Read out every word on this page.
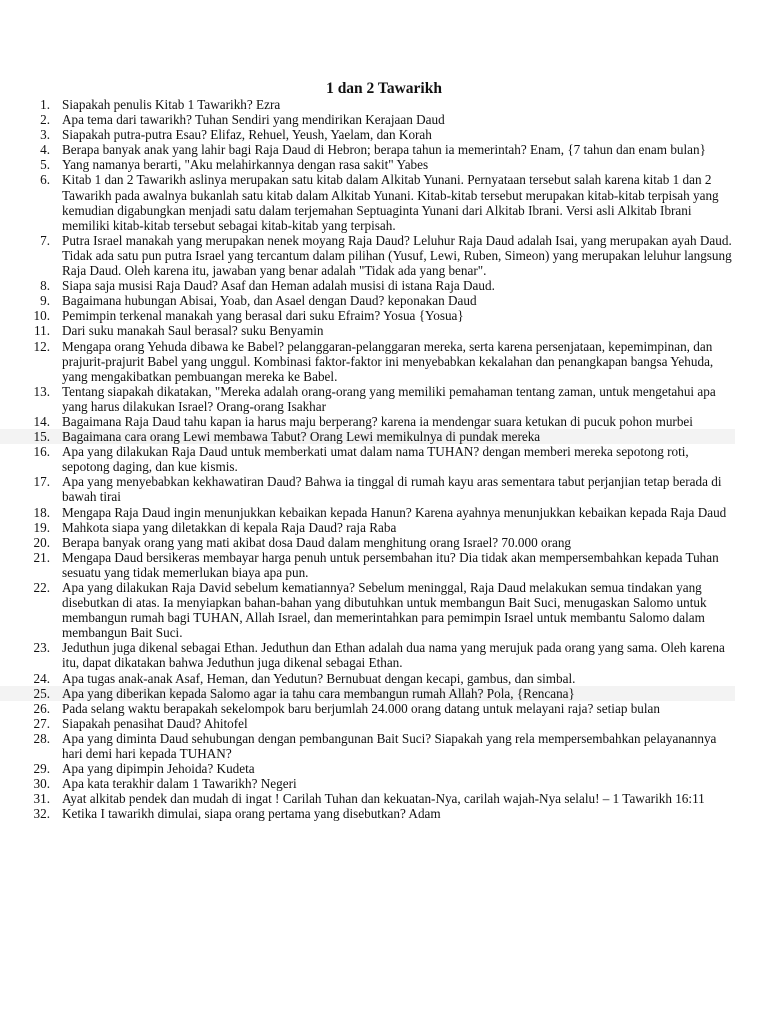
1 dan 2 Tawarikh
1. Siapakah penulis Kitab 1 Tawarikh? Ezra
2. Apa tema dari tawarikh? Tuhan Sendiri yang mendirikan Kerajaan Daud
3. Siapakah putra-putra Esau? Elifaz, Rehuel, Yeush, Yaelam, dan Korah
4. Berapa banyak anak yang lahir bagi Raja Daud di Hebron; berapa tahun ia memerintah? Enam, {7 tahun dan enam bulan}
5. Yang namanya berarti, "Aku melahirkannya dengan rasa sakit" Yabes
6. Kitab 1 dan 2 Tawarikh aslinya merupakan satu kitab dalam Alkitab Yunani. Pernyataan tersebut salah karena kitab 1 dan 2 Tawarikh pada awalnya bukanlah satu kitab dalam Alkitab Yunani. Kitab-kitab tersebut merupakan kitab-kitab terpisah yang kemudian digabungkan menjadi satu dalam terjemahan Septuaginta Yunani dari Alkitab Ibrani. Versi asli Alkitab Ibrani memiliki kitab-kitab tersebut sebagai kitab-kitab yang terpisah.
7. Putra Israel manakah yang merupakan nenek moyang Raja Daud? Leluhur Raja Daud adalah Isai, yang merupakan ayah Daud. Tidak ada satu pun putra Israel yang tercantum dalam pilihan (Yusuf, Lewi, Ruben, Simeon) yang merupakan leluhur langsung Raja Daud. Oleh karena itu, jawaban yang benar adalah "Tidak ada yang benar".
8. Siapa saja musisi Raja Daud? Asaf dan Heman adalah musisi di istana Raja Daud.
9. Bagaimana hubungan Abisai, Yoab, dan Asael dengan Daud? keponakan Daud
10. Pemimpin terkenal manakah yang berasal dari suku Efraim? Yosua {Yosua}
11. Dari suku manakah Saul berasal? suku Benyamin
12. Mengapa orang Yehuda dibawa ke Babel? pelanggaran-pelanggaran mereka, serta karena persenjataan, kepemimpinan, dan prajurit-prajurit Babel yang unggul. Kombinasi faktor-faktor ini menyebabkan kekalahan dan penangkapan bangsa Yehuda, yang mengakibatkan pembuangan mereka ke Babel.
13. Tentang siapakah dikatakan, "Mereka adalah orang-orang yang memiliki pemahaman tentang zaman, untuk mengetahui apa yang harus dilakukan Israel? Orang-orang Isakhar
14. Bagaimana Raja Daud tahu kapan ia harus maju berperang? karena ia mendengar suara ketukan di pucuk pohon murbei
15. Bagaimana cara orang Lewi membawa Tabut? Orang Lewi memikulnya di pundak mereka
16. Apa yang dilakukan Raja Daud untuk memberkati umat dalam nama TUHAN? dengan memberi mereka sepotong roti, sepotong daging, dan kue kismis.
17. Apa yang menyebabkan kekhawatiran Daud? Bahwa ia tinggal di rumah kayu aras sementara tabut perjanjian tetap berada di bawah tirai
18. Mengapa Raja Daud ingin menunjukkan kebaikan kepada Hanun? Karena ayahnya menunjukkan kebaikan kepada Raja Daud
19. Mahkota siapa yang diletakkan di kepala Raja Daud? raja Raba
20. Berapa banyak orang yang mati akibat dosa Daud dalam menghitung orang Israel? 70.000 orang
21. Mengapa Daud bersikeras membayar harga penuh untuk persembahan itu? Dia tidak akan mempersembahkan kepada Tuhan sesuatu yang tidak memerlukan biaya apa pun.
22. Apa yang dilakukan Raja David sebelum kematiannya? Sebelum meninggal, Raja Daud melakukan semua tindakan yang disebutkan di atas. Ia menyiapkan bahan-bahan yang dibutuhkan untuk membangun Bait Suci, menugaskan Salomo untuk membangun rumah bagi TUHAN, Allah Israel, dan memerintahkan para pemimpin Israel untuk membantu Salomo dalam membangun Bait Suci.
23. Jeduthun juga dikenal sebagai Ethan. Jeduthun dan Ethan adalah dua nama yang merujuk pada orang yang sama. Oleh karena itu, dapat dikatakan bahwa Jeduthun juga dikenal sebagai Ethan.
24. Apa tugas anak-anak Asaf, Heman, dan Yedutun? Bernubuat dengan kecapi, gambus, dan simbal.
25. Apa yang diberikan kepada Salomo agar ia tahu cara membangun rumah Allah? Pola, {Rencana}
26. Pada selang waktu berapakah sekelompok baru berjumlah 24.000 orang datang untuk melayani raja? setiap bulan
27. Siapakah penasihat Daud? Ahitofel
28. Apa yang diminta Daud sehubungan dengan pembangunan Bait Suci? Siapakah yang rela mempersembahkan pelayanannya hari demi hari kepada TUHAN?
29. Apa yang dipimpin Jehoida? Kudeta
30. Apa kata terakhir dalam 1 Tawarikh? Negeri
31. Ayat alkitab pendek dan mudah di ingat ! Carilah Tuhan dan kekuatan-Nya, carilah wajah-Nya selalu! – 1 Tawarikh 16:11
32. Ketika I tawarikh dimulai, siapa orang pertama yang disebutkan? Adam
